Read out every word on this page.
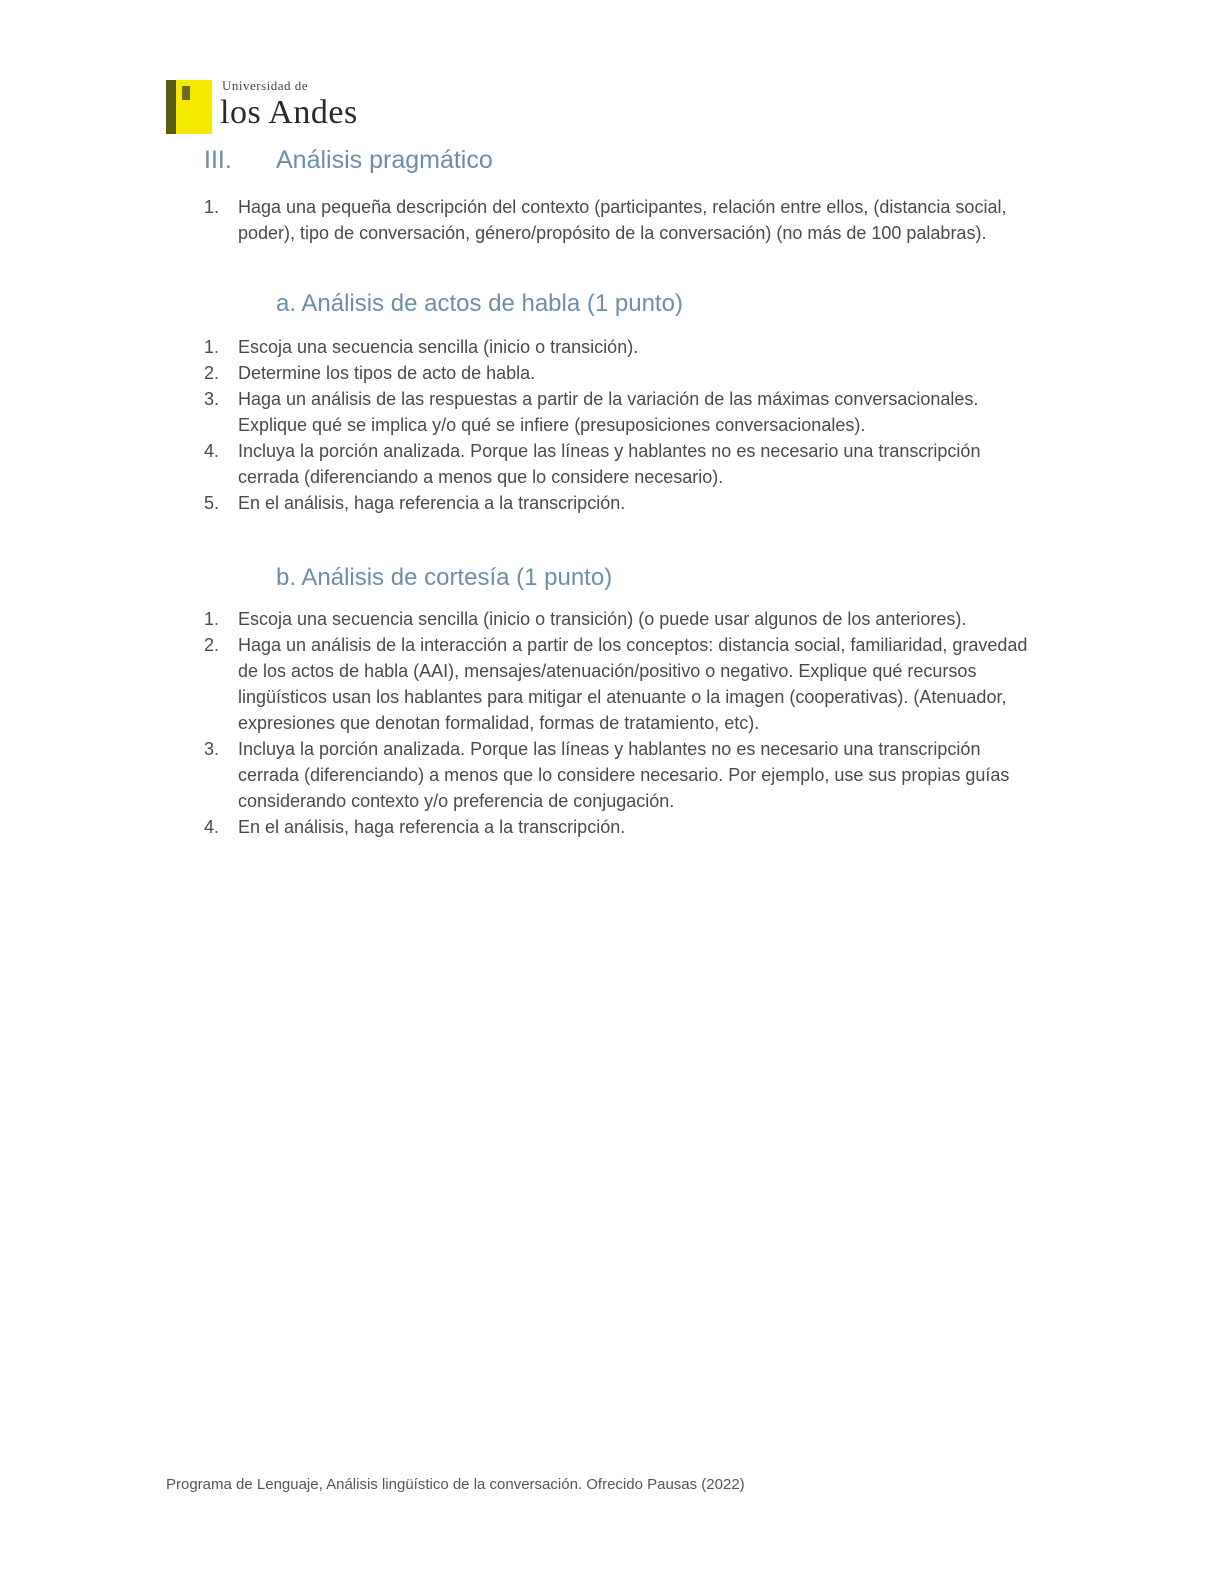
Universidad de
los Andes
III. Análisis pragmático
1. Haga una pequeña descripción del contexto (participantes, relación entre ellos, (distancia social, poder), tipo de conversación, género/propósito de la conversación) (no más de 100 palabras).
a. Análisis de actos de habla (1 punto)
1. Escoja una secuencia sencilla (inicio o transición).
2. Determine los tipos de acto de habla.
3. Haga un análisis de las respuestas a partir de la variación de las máximas conversacionales. Explique qué se implica y/o qué se infiere (presuposiciones conversacionales).
4. Incluya la porción analizada. Porque las líneas y hablantes no es necesario una transcripción cerrada (diferenciando a menos que lo considere necesario).
5. En el análisis, haga referencia a la transcripción.
b. Análisis de cortesía (1 punto)
1. Escoja una secuencia sencilla (inicio o transición) (o puede usar algunos de los anteriores).
2. Haga un análisis de la interacción a partir de los conceptos: distancia social, familiaridad, gravedad de los actos de habla (AAI), mensajes/atenuación/positivo o negativo. Explique qué recursos lingüísticos usan los hablantes para mitigar el atenuante o la imagen (cooperativas). (Atenuador, expresiones que denotan formalidad, formas de tratamiento, etc).
3. Incluya la porción analizada. Porque las líneas y hablantes no es necesario una transcripción cerrada (diferenciando) a menos que lo considere necesario. Por ejemplo, use sus propias guías considerando contexto y/o preferencia de conjugación.
4. En el análisis, haga referencia a la transcripción.
Programa de Lenguaje, Análisis lingüístico de la conversación. Ofrecido Pausas (2022)
